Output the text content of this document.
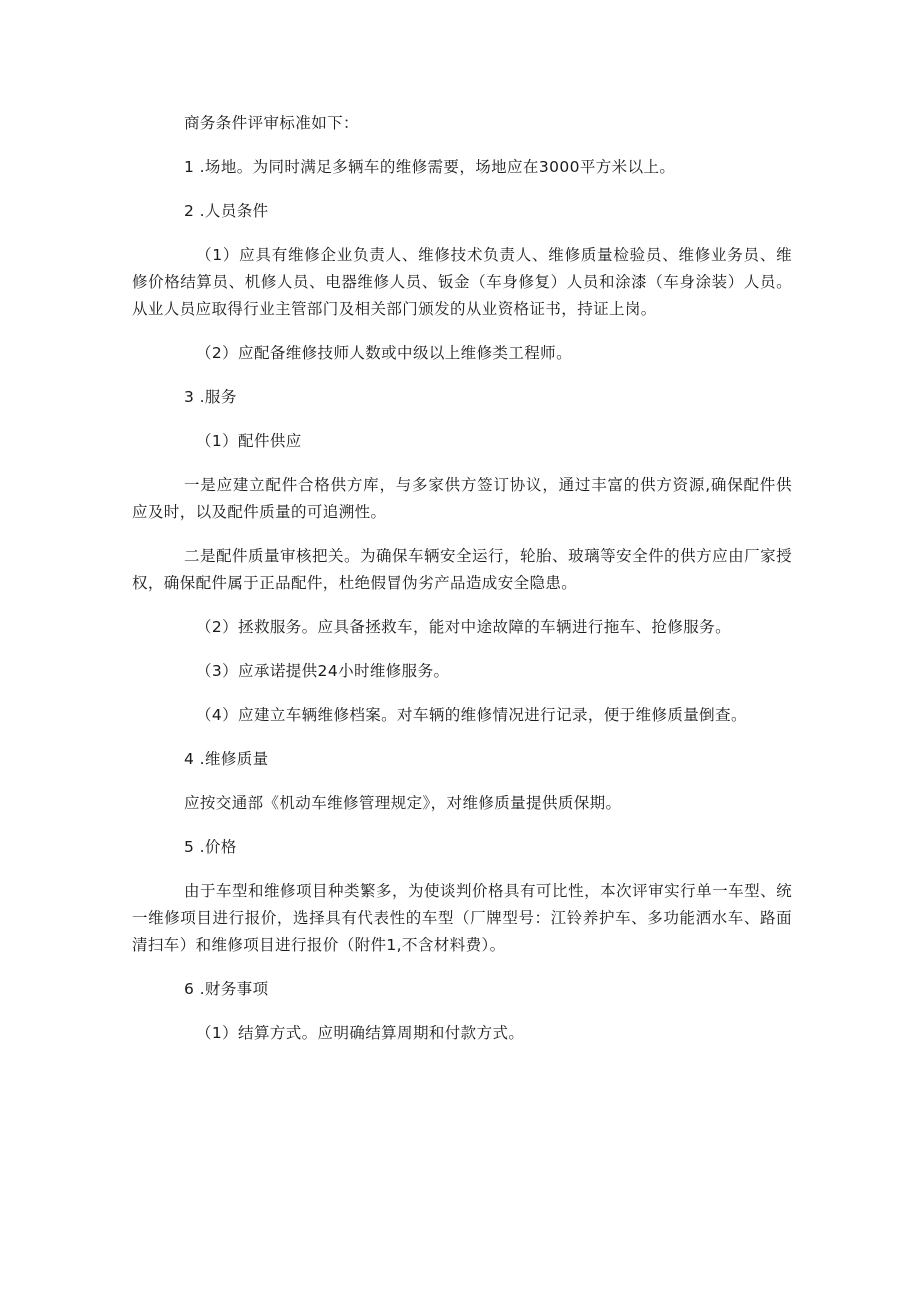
商务条件评审标准如下：

1 .场地。为同时满足多辆车的维修需要，场地应在3000平方米以上。

2 .人员条件

（1）应具有维修企业负责人、维修技术负责人、维修质量检验员、维修业务员、维修价格结算员、机修人员、电器维修人员、钣金（车身修复）人员和涂漆（车身涂装）人员。从业人员应取得行业主管部门及相关部门颁发的从业资格证书，持证上岗。

（2）应配备维修技师人数或中级以上维修类工程师。

3 .服务

（1）配件供应

一是应建立配件合格供方库，与多家供方签订协议，通过丰富的供方资源,确保配件供应及时，以及配件质量的可追溯性。

二是配件质量审核把关。为确保车辆安全运行，轮胎、玻璃等安全件的供方应由厂家授权，确保配件属于正品配件，杜绝假冒伪劣产品造成安全隐患。

（2）拯救服务。应具备拯救车，能对中途故障的车辆进行拖车、抢修服务。

（3）应承诺提供24小时维修服务。

（4）应建立车辆维修档案。对车辆的维修情况进行记录，便于维修质量倒查。

4 .维修质量

应按交通部《机动车维修管理规定》，对维修质量提供质保期。

5 .价格

由于车型和维修项目种类繁多，为使谈判价格具有可比性，本次评审实行单一车型、统一维修项目进行报价，选择具有代表性的车型（厂牌型号：江铃养护车、多功能洒水车、路面清扫车）和维修项目进行报价（附件1,不含材料费）。

6 .财务事项

（1）结算方式。应明确结算周期和付款方式。
